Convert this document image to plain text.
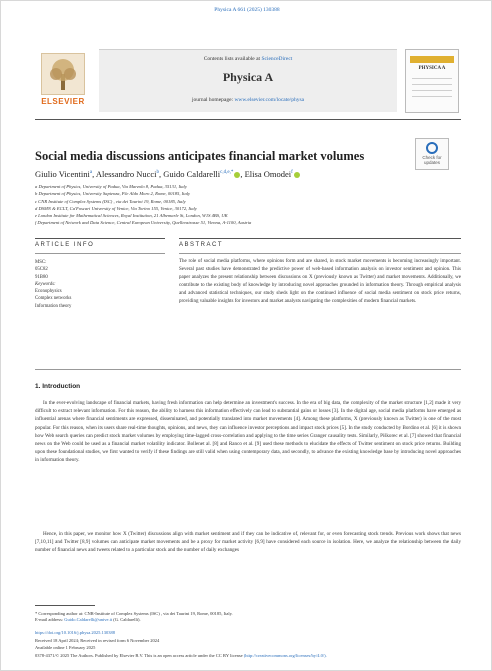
Physica A 661 (2025) 130388
ELSEVIER
Contents lists available at ScienceDirect
Physica A
journal homepage: www.elsevier.com/locate/physa
PHYSICA A
Social media discussions anticipates financial market volumes	Check for updates
Giulio Vicentini$^a$, Alessandro Nucci$^b$, Guido Caldarelli$^{c,d,e,*}$ , Elisa Omodei$^f$
a Department of Physics, University of Padua, Via Marzolo 8, Padua, 35131, Italy
b Department of Physics, University Sapienza, P.le Aldo Moro 2, Rome, 00185, Italy
c CNR Institute of Complex Systems (ISC) , via dei Taurini 19, Rome, 00185, Italy
d DSMN & ECLT, Ca'Foscari University of Venice, Via Torino 155, Venice, 30172, Italy
e London Institute for Mathematical Sciences, Royal Institution, 21 Albemarle St, London, W1S 4BS, UK
f Department of Network and Data Science, Central European University, Quellenstrasse 51, Vienna, A-1100, Austria
ARTICLE INFO
MSC:
05C82
91B80
Keywords:
Econophysics
Complex networks
Information theory
ABSTRACT
The role of social media platforms, where opinions form and are shared, in stock market movements is becoming increasingly important. Several past studies have demonstrated the predictive power of web-based information analysis on investor sentiment and opinion. This paper analyzes the present relationship between discussions on X (previously known as Twitter) and market movements. Additionally, we contribute to the existing body of knowledge by introducing novel approaches grounded in information theory. Through empirical analysis and advanced statistical techniques, our study sheds light on the continued influence of social media sentiment on stock price returns, providing valuable insights for investors and market analysts navigating the complexities of modern financial markets.
1. Introduction
In the ever-evolving landscape of financial markets, having fresh information can help determine an investment's success. In the era of big data, the complexity of the market structure [1,2] made it very difficult to extract relevant information. For this reason, the ability to harness this information effectively can lead to substantial gains or losses [3]. In the digital age, social media platforms have emerged as influential arenas where financial sentiments are expressed, disseminated, and potentially translated into market movements [4]. Among these platforms, X (previously known as Twitter) is one of the most popular. For this reason, when its users share real-time thoughts, opinions, and news, they can influence investor perceptions and impact stock prices [5]. In the study conducted by Bordino et al. [6] it is shown how Web search queries can predict stock market volumes by employing time-lagged cross-correlation and applying to the time series Granger causality tests. Similarly, Piškorec et al. [7] showed that financial news on the Web could be used as a financial market volatility indicator. Bollenet al. [8] and Ranco et al. [9] used these methods to elucidate the effects of Twitter sentiment on stock price returns. Building upon these foundational studies, we first wanted to verify if these findings are still valid when using contemporary data, and secondly, to advance the existing knowledge base by introducing novel approaches in information theory.
Hence, in this paper, we monitor how X (Twitter) discussions align with market sentiment and if they can be indicative of, relevant for, or even forecasting stock trends. Previous work shows that news [7,10,11] and Twitter [8,9] volumes can anticipate market movements and be a proxy for market activity [6,9] have considered each source in isolation. Here, we analyze the relationship between the daily number of financial news and tweets related to a particular stock and the number of daily exchanges
* Corresponding author at: CNR-Institute of Complex Systems (ISC) , via dei Taurini 19, Rome, 00185, Italy.
E-mail address: Guido.Caldarelli@unive.it (G. Caldarelli).
https://doi.org/10.1016/j.physa.2025.130388
Received 18 April 2024; Received in revised form 6 November 2024
Available online 1 February 2025
0378-4371/© 2025 The Authors. Published by Elsevier B.V. This is an open access article under the CC BY license (http://creativecommons.org/licenses/by/4.0/).
